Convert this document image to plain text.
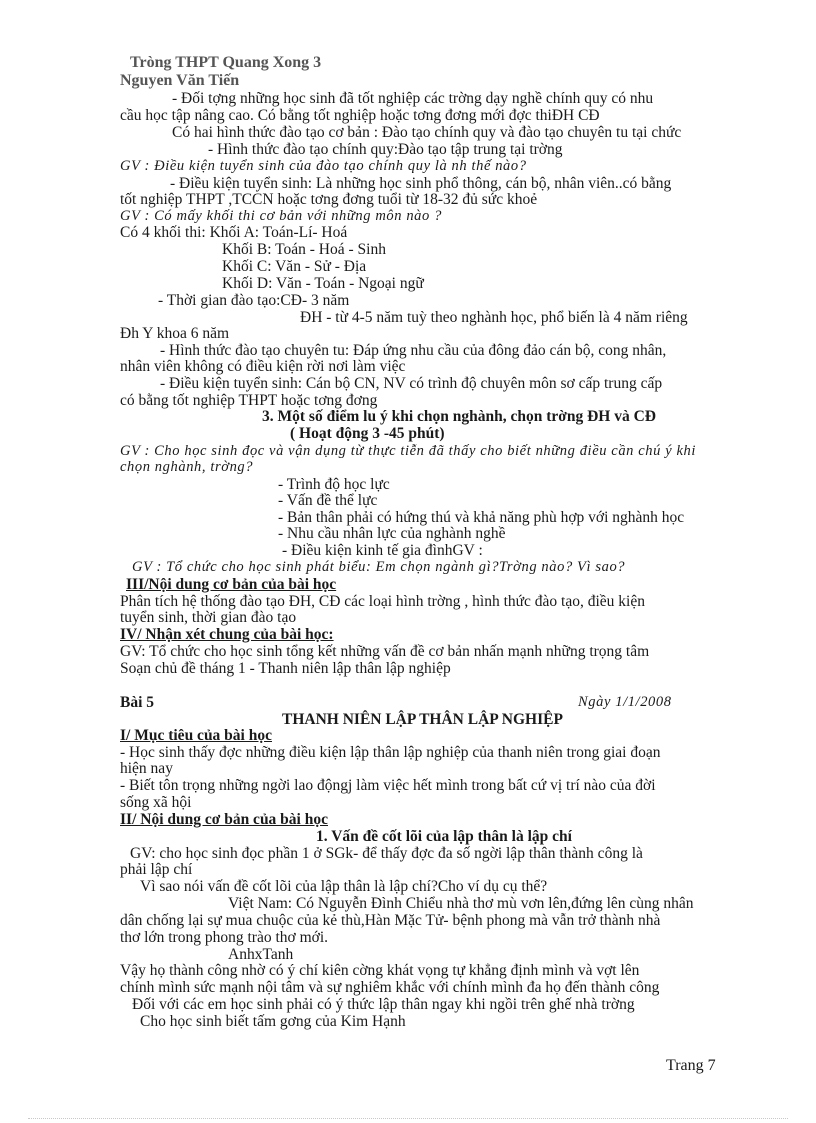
Tròng THPT Quang Xong 3
Nguyen Văn Tiến
- Đối tợng những học sinh đã tốt nghiệp các trờng dạy nghề chính quy có nhu
cầu học tập nâng cao. Có bằng tốt nghiệp hoặc tơng đơng mới đợc thiĐH CĐ
Có hai hình thức đào tạo cơ bản : Đào tạo chính quy và đào tạo chuyên tu tại chức
- Hình thức đào tạo chính quy:Đào tạo tập trung tại trờng
GV : Điều kiện tuyển sinh của đào tạo chính quy là nh thế nào?
- Điều kiện tuyển sinh: Là những học sinh phổ thông, cán bộ, nhân viên..có bằng
tốt nghiệp THPT ,TCCN hoặc tơng đơng tuổi từ 18-32 đủ sức khoẻ
GV : Có mấy khối thi cơ bản với những môn nào ?
Có 4 khối thi: Khối A: Toán-Lí- Hoá
Khối B: Toán - Hoá - Sinh
Khối C: Văn - Sử - Địa
Khối D: Văn - Toán - Ngoại ngữ
- Thời gian đào tạo:CĐ- 3 năm
ĐH - từ 4-5 năm tuỳ theo nghành học, phổ biến là 4 năm riêng
Đh Y khoa 6 năm
- Hình thức đào tạo chuyên tu: Đáp ứng nhu cầu của đông đảo cán bộ, cong nhân,
nhân viên không có điều kiện rời nơi làm việc
- Điều kiện tuyển sinh: Cán bộ CN, NV có trình độ chuyên môn sơ cấp trung cấp
có bằng tốt nghiệp THPT hoặc tơng đơng
3. Một số điểm lu ý khi chọn nghành, chọn trờng ĐH và CĐ
( Hoạt động 3 -45 phút)
GV : Cho học sinh đọc và vận dụng từ thực tiễn đã thấy cho biết những điều cần chú ý khi
chọn nghành, trờng?
- Trình độ học lực
- Vấn đề thể lực
- Bản thân phải có hứng thú và khả năng phù hợp với nghành học
- Nhu cầu nhân lực của nghành nghề
- Điều kiện kinh tế gia đìnhGV :
GV : Tổ chức cho học sinh phát biểu: Em chọn ngành gì?Trờng nào? Vì sao?
III/Nội dung cơ bản của bài học
Phân tích hệ thống đào tạo ĐH, CĐ các loại hình trờng , hình thức đào tạo, điều kiện
tuyển sinh, thời gian đào tạo
IV/ Nhận xét chung của bài học:
GV: Tổ chức cho học sinh tổng kết những vấn đề cơ bản nhấn mạnh những trọng tâm
Soạn chủ đề tháng 1 - Thanh niên lập thân lập nghiệp
Bài 5	Ngày 1/1/2008
THANH NIÊN LẬP THÂN LẬP NGHIỆP
I/ Mục tiêu của bài học
- Học sinh thấy đợc những điều kiện lập thân lập nghiệp của thanh niên trong giai đoạn
hiện nay
- Biết tôn trọng những ngời lao độngj làm việc hết mình trong bất cứ vị trí nào của đời
sống xã hội
II/ Nội dung cơ bản của bài học
1. Vấn đề cốt lõi của lập thân là lập chí
GV: cho học sinh đọc phần 1 ở SGk- để thấy đợc đa số ngời lập thân thành công là
phải lập chí
Vì sao nói vấn đề cốt lõi của lập thân là lập chí?Cho ví dụ cụ thể?
Việt Nam: Có Nguyễn Đình Chiểu nhà thơ mù vơn lên,đứng lên cùng nhân
dân chống lại sự mua chuộc của kẻ thù,Hàn Mặc Tử- bệnh phong mà vẫn trở thành nhà
thơ lớn trong phong trào thơ mới.
AnhxTanh
Vậy họ thành công nhờ có ý chí kiên cờng khát vọng tự khẳng định mình và vợt lên
chính mình sức mạnh nội tâm và sự nghiêm khắc với chính mình đa họ đến thành công
Đối với các em học sinh phải có ý thức lập thân ngay khi ngồi trên ghế nhà trờng
Cho học sinh biết tấm gơng của Kim Hạnh
Trang 7
